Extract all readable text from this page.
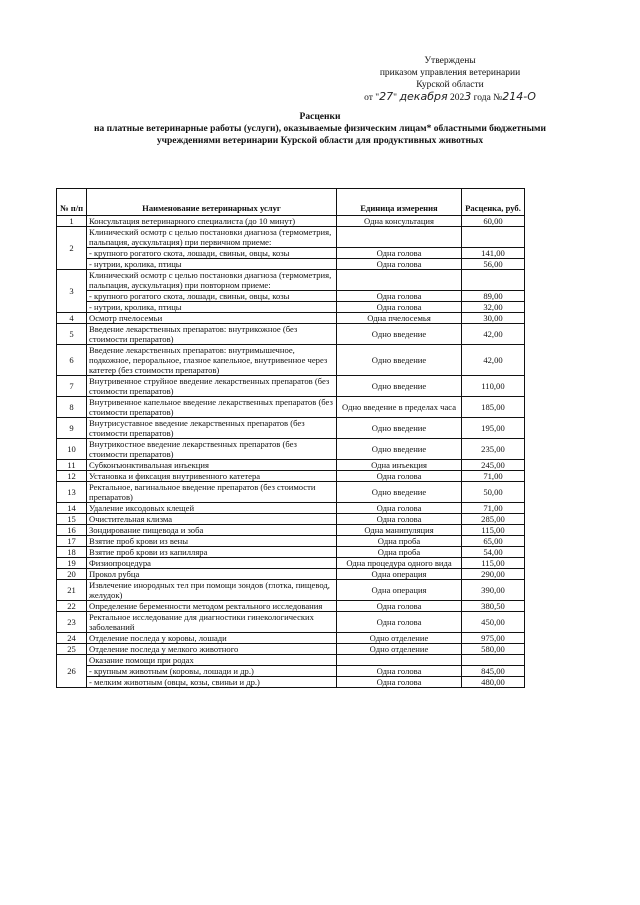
Утверждены
приказом управления ветеринарии
Курской области
от "27" декабря 2023 года №214-О
Расценки
на платные ветеринарные работы (услуги), оказываемые физическим лицам* областными бюджетными
учреждениями ветеринарии Курской области для продуктивных животных
№ п/п	Наименование ветеринарных услуг	Единица измерения	Расценка, руб.
1	Консультация ветеринарного специалиста (до 10 минут)	Одна консультация	60,00
2	Клинический осмотр с целью постановки диагноза (термометрия, пальпация, аускультация) при первичном приеме:		
	- крупного рогатого скота, лошади, свиньи, овцы, козы	Одна голова	141,00
	- нутрии, кролика, птицы	Одна голова	56,00
3	Клинический осмотр с целью постановки диагноза (термометрия, пальпация, аускультация) при повторном приеме:		
	- крупного рогатого скота, лошади, свиньи, овцы, козы	Одна голова	89,00
	- нутрии, кролика, птицы	Одна голова	32,00
4	Осмотр пчелосемьи	Одна пчелосемья	30,00
5	Введение лекарственных препаратов: внутрикожное (без стоимости препаратов)	Одно введение	42,00
6	Введение лекарственных препаратов: внутримышечное, подкожное, пероральное, глазное капельное, внутривенное через катетер (без стоимости препаратов)	Одно введение	42,00
7	Внутривенное струйное введение лекарственных препаратов (без стоимости препаратов)	Одно введение	110,00
8	Внутривенное капельное введение лекарственных препаратов (без стоимости препаратов)	Одно введение в пределах часа	185,00
9	Внутрисуставное введение лекарственных препаратов (без стоимости препаратов)	Одно введение	195,00
10	Внутрикостное введение лекарственных препаратов (без стоимости препаратов)	Одно введение	235,00
11	Субконъюнктивальная инъекция	Одна инъекция	245,00
12	Установка и фиксация внутривенного катетера	Одна голова	71,00
13	Ректальное, вагинальное введение препаратов (без стоимости препаратов)	Одно введение	50,00
14	Удаление иксодовых клещей	Одна голова	71,00
15	Очистительная клизма	Одна голова	285,00
16	Зондирование пищевода и зоба	Одна манипуляция	115,00
17	Взятие проб крови из вены	Одна проба	65,00
18	Взятие проб крови из капилляра	Одна проба	54,00
19	Физиопроцедура	Одна процедура одного вида	115,00
20	Прокол рубца	Одна операция	290,00
21	Извлечение инородных тел при помощи зондов (глотка, пищевод, желудок)	Одна операция	390,00
22	Определение беременности методом ректального исследования	Одна голова	380,50
23	Ректальное исследование для диагностики гинекологических заболеваний	Одна голова	450,00
24	Отделение последа у коровы, лошади	Одно отделение	975,00
25	Отделение последа у мелкого животного	Одно отделение	580,00
26	Оказание помощи при родах		
	- крупным животным (коровы, лошади и др.)	Одна голова	845,00
	- мелким животным (овцы, козы, свиньи и др.)	Одна голова	480,00
